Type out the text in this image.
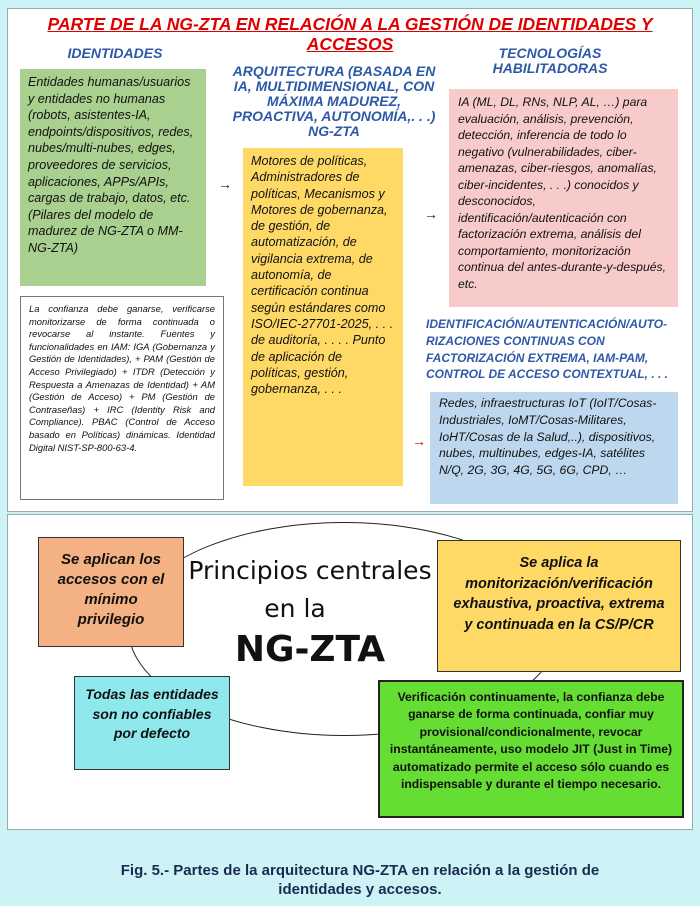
PARTE DE LA NG-ZTA EN RELACIÓN A LA GESTIÓN DE IDENTIDADES Y ACCESOS
IDENTIDADES
ARQUITECTURA (BASADA EN IA, MULTIDIMENSIONAL, CON MÁXIMA MADUREZ, PROACTIVA, AUTONOMÍA,. . .) NG-ZTA
TECNOLOGÍAS HABILITADORAS
Entidades humanas/usuarios y entidades no humanas (robots, asistentes-IA, endpoints/dispositivos, redes, nubes/multi-nubes, edges, proveedores de servicios, aplicaciones, APPs/APIs, cargas de trabajo, datos, etc. (Pilares del modelo de madurez de NG-ZTA o MM-NG-ZTA)
La confianza debe ganarse, verificarse monitorizarse de forma continuada o revocarse al instante. Fuentes y funcionalidades en IAM: IGA (Gobernanza y Gestión de Identidades), + PAM (Gestión de Acceso Privilegiado) + ITDR (Detección y Respuesta a Amenazas de Identidad) + AM (Gestión de Acceso) + PM (Gestión de Contraseñas) + IRC (Identity Risk and Compliance). PBAC (Control de Acceso basado en Políticas) dinámicas. Identidad Digital NIST-SP-800-63-4.
→
Motores de políticas, Administradores de políticas, Mecanismos y Motores de gobernanza, de gestión, de automatización, de vigilancia extrema, de autonomía, de certificación continua según estándares como ISO/IEC-27701-2025, . . . de auditoría, . . . . Punto de aplicación de políticas, gestión, gobernanza, . . .
→
IA (ML, DL, RNs, NLP, AL, …) para evaluación, análisis, prevención, detección, inferencia de todo lo negativo (vulnerabilidades, ciber-amenazas, ciber-riesgos, anomalías, ciber-incidentes, . . .) conocidos y desconocidos, identificación/autenticación con factorización extrema, análisis del comportamiento, monitorización continua del antes-durante-y-después, etc.
IDENTIFICACIÓN/AUTENTICACIÓN/AUTO-RIZACIONES CONTINUAS CON FACTORIZACIÓN EXTREMA, IAM-PAM, CONTROL DE ACCESO CONTEXTUAL, . . .
→
Redes, infraestructuras IoT (IoIT/Cosas-Industriales, IoMT/Cosas-Militares, IoHT/Cosas de la Salud,..), dispositivos, nubes, multinubes, edges-IA, satélites N/Q, 2G, 3G, 4G, 5G, 6G, CPD, …
Principios centrales
en la
NG-ZTA
Se aplican los accesos con el mínimo privilegio
Se aplica la monitorización/verificación exhaustiva, proactiva, extrema y continuada en la CS/P/CR
Todas las entidades son no confiables por defecto
Verificación continuamente, la confianza debe ganarse de forma continuada, confiar muy provisional/condicionalmente, revocar instantáneamente, uso modelo JIT (Just in Time) automatizado permite el acceso sólo cuando es indispensable y durante el tiempo necesario.
Fig. 5.- Partes de la arquitectura NG-ZTA en relación a la gestión de identidades y accesos.
